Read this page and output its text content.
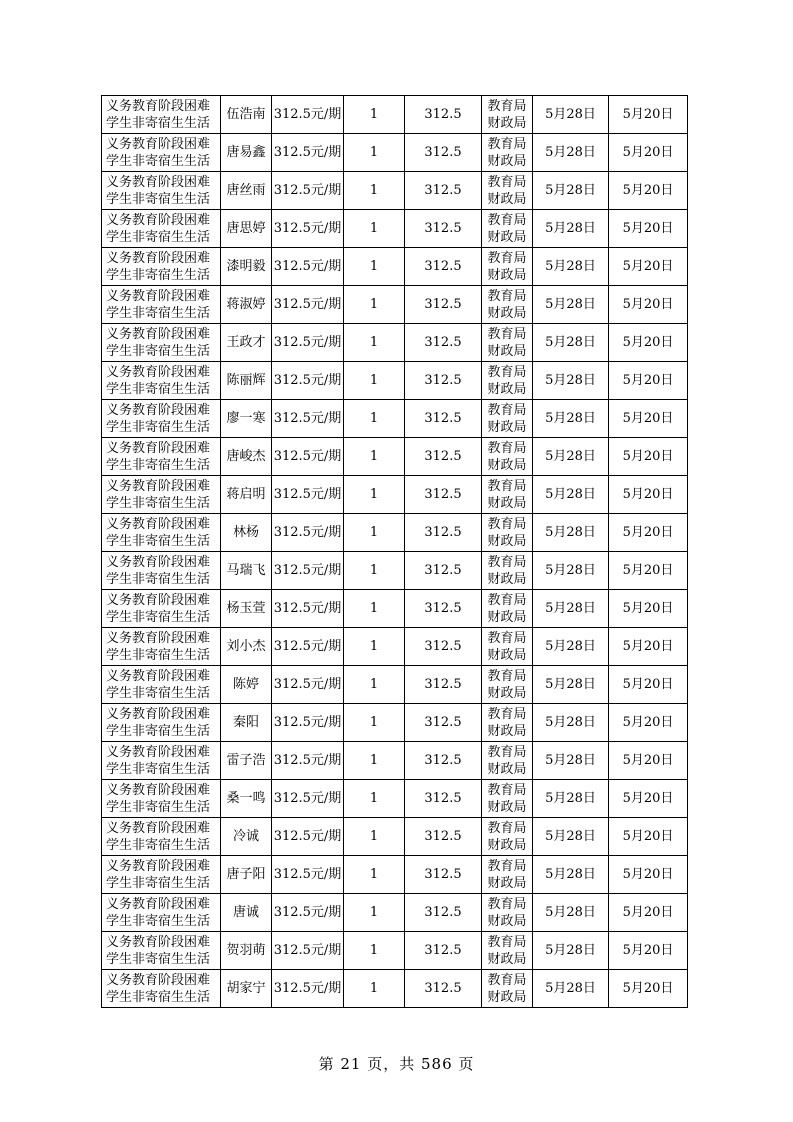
义务教育阶段困难学生非寄宿生生活	伍浩南	312.5元/期	1	312.5	教育局财政局	5月28日	5月20日
义务教育阶段困难学生非寄宿生生活	唐易鑫	312.5元/期	1	312.5	教育局财政局	5月28日	5月20日
义务教育阶段困难学生非寄宿生生活	唐丝雨	312.5元/期	1	312.5	教育局财政局	5月28日	5月20日
义务教育阶段困难学生非寄宿生生活	唐思婷	312.5元/期	1	312.5	教育局财政局	5月28日	5月20日
义务教育阶段困难学生非寄宿生生活	漆明毅	312.5元/期	1	312.5	教育局财政局	5月28日	5月20日
义务教育阶段困难学生非寄宿生生活	蒋淑婷	312.5元/期	1	312.5	教育局财政局	5月28日	5月20日
义务教育阶段困难学生非寄宿生生活	王政才	312.5元/期	1	312.5	教育局财政局	5月28日	5月20日
义务教育阶段困难学生非寄宿生生活	陈丽辉	312.5元/期	1	312.5	教育局财政局	5月28日	5月20日
义务教育阶段困难学生非寄宿生生活	廖一寒	312.5元/期	1	312.5	教育局财政局	5月28日	5月20日
义务教育阶段困难学生非寄宿生生活	唐峻杰	312.5元/期	1	312.5	教育局财政局	5月28日	5月20日
义务教育阶段困难学生非寄宿生生活	蒋启明	312.5元/期	1	312.5	教育局财政局	5月28日	5月20日
义务教育阶段困难学生非寄宿生生活	林杨	312.5元/期	1	312.5	教育局财政局	5月28日	5月20日
义务教育阶段困难学生非寄宿生生活	马瑞飞	312.5元/期	1	312.5	教育局财政局	5月28日	5月20日
义务教育阶段困难学生非寄宿生生活	杨玉萱	312.5元/期	1	312.5	教育局财政局	5月28日	5月20日
义务教育阶段困难学生非寄宿生生活	刘小杰	312.5元/期	1	312.5	教育局财政局	5月28日	5月20日
义务教育阶段困难学生非寄宿生生活	陈婷	312.5元/期	1	312.5	教育局财政局	5月28日	5月20日
义务教育阶段困难学生非寄宿生生活	秦阳	312.5元/期	1	312.5	教育局财政局	5月28日	5月20日
义务教育阶段困难学生非寄宿生生活	雷子浩	312.5元/期	1	312.5	教育局财政局	5月28日	5月20日
义务教育阶段困难学生非寄宿生生活	桑一鸣	312.5元/期	1	312.5	教育局财政局	5月28日	5月20日
义务教育阶段困难学生非寄宿生生活	冷诚	312.5元/期	1	312.5	教育局财政局	5月28日	5月20日
义务教育阶段困难学生非寄宿生生活	唐子阳	312.5元/期	1	312.5	教育局财政局	5月28日	5月20日
义务教育阶段困难学生非寄宿生生活	唐诚	312.5元/期	1	312.5	教育局财政局	5月28日	5月20日
义务教育阶段困难学生非寄宿生生活	贺羽萌	312.5元/期	1	312.5	教育局财政局	5月28日	5月20日
义务教育阶段困难学生非寄宿生生活	胡家宁	312.5元/期	1	312.5	教育局财政局	5月28日	5月20日
第 21 页，共 586 页
